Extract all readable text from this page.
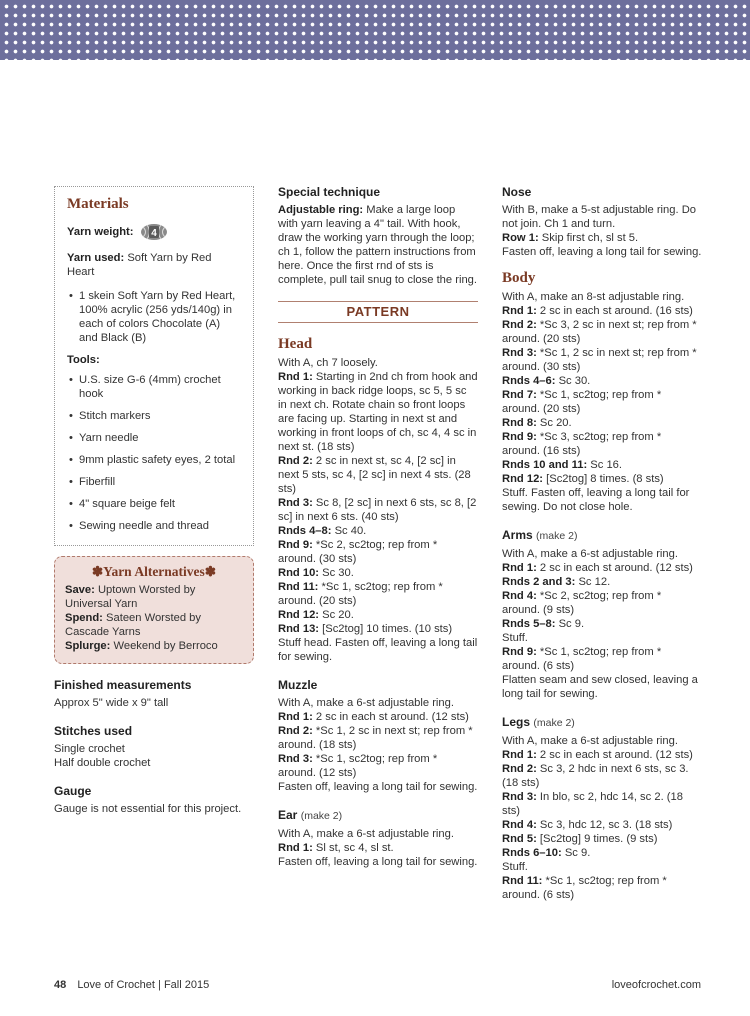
Materials
Yarn weight: 4
Yarn used: Soft Yarn by Red Heart
• 1 skein Soft Yarn by Red Heart, 100% acrylic (256 yds/140g) in each of colors Chocolate (A) and Black (B)
Tools:
• U.S. size G-6 (4mm) crochet hook
• Stitch markers
• Yarn needle
• 9mm plastic safety eyes, 2 total
• Fiberfill
• 4" square beige felt
• Sewing needle and thread
✽Yarn Alternatives✽
Save: Uptown Worsted by Universal Yarn
Spend: Sateen Worsted by Cascade Yarns
Splurge: Weekend by Berroco
Finished measurements
Approx 5" wide x 9" tall
Stitches used
Single crochet
Half double crochet
Gauge
Gauge is not essential for this project.
Special technique
Adjustable ring: Make a large loop with yarn leaving a 4" tail. With hook, draw the working yarn through the loop; ch 1, follow the pattern instructions from here. Once the first rnd of sts is complete, pull tail snug to close the ring.
PATTERN
Head
With A, ch 7 loosely.
Rnd 1: Starting in 2nd ch from hook and working in back ridge loops, sc 5, 5 sc in next ch. Rotate chain so front loops are facing up. Starting in next st and working in front loops of ch, sc 4, 4 sc in next st. (18 sts)
Rnd 2: 2 sc in next st, sc 4, [2 sc] in next 5 sts, sc 4, [2 sc] in next 4 sts. (28 sts)
Rnd 3: Sc 8, [2 sc] in next 6 sts, sc 8, [2 sc] in next 6 sts. (40 sts)
Rnds 4–8: Sc 40.
Rnd 9: *Sc 2, sc2tog; rep from * around. (30 sts)
Rnd 10: Sc 30.
Rnd 11: *Sc 1, sc2tog; rep from * around. (20 sts)
Rnd 12: Sc 20.
Rnd 13: [Sc2tog] 10 times. (10 sts)
Stuff head. Fasten off, leaving a long tail for sewing.
Muzzle
With A, make a 6-st adjustable ring.
Rnd 1: 2 sc in each st around. (12 sts)
Rnd 2: *Sc 1, 2 sc in next st; rep from * around. (18 sts)
Rnd 3: *Sc 1, sc2tog; rep from * around. (12 sts)
Fasten off, leaving a long tail for sewing.
Ear (make 2)
With A, make a 6-st adjustable ring.
Rnd 1: Sl st, sc 4, sl st.
Fasten off, leaving a long tail for sewing.
Nose
With B, make a 5-st adjustable ring. Do not join. Ch 1 and turn.
Row 1: Skip first ch, sl st 5.
Fasten off, leaving a long tail for sewing.
Body
With A, make an 8-st adjustable ring.
Rnd 1: 2 sc in each st around. (16 sts)
Rnd 2: *Sc 3, 2 sc in next st; rep from * around. (20 sts)
Rnd 3: *Sc 1, 2 sc in next st; rep from * around. (30 sts)
Rnds 4–6: Sc 30.
Rnd 7: *Sc 1, sc2tog; rep from * around. (20 sts)
Rnd 8: Sc 20.
Rnd 9: *Sc 3, sc2tog; rep from * around. (16 sts)
Rnds 10 and 11: Sc 16.
Rnd 12: [Sc2tog] 8 times. (8 sts)
Stuff. Fasten off, leaving a long tail for sewing. Do not close hole.
Arms (make 2)
With A, make a 6-st adjustable ring.
Rnd 1: 2 sc in each st around. (12 sts)
Rnds 2 and 3: Sc 12.
Rnd 4: *Sc 2, sc2tog; rep from * around. (9 sts)
Rnds 5–8: Sc 9.
Stuff.
Rnd 9: *Sc 1, sc2tog; rep from * around. (6 sts)
Flatten seam and sew closed, leaving a long tail for sewing.
Legs (make 2)
With A, make a 6-st adjustable ring.
Rnd 1: 2 sc in each st around. (12 sts)
Rnd 2: Sc 3, 2 hdc in next 6 sts, sc 3. (18 sts)
Rnd 3: In blo, sc 2, hdc 14, sc 2. (18 sts)
Rnd 4: Sc 3, hdc 12, sc 3. (18 sts)
Rnd 5: [Sc2tog] 9 times. (9 sts)
Rnds 6–10: Sc 9.
Stuff.
Rnd 11: *Sc 1, sc2tog; rep from * around. (6 sts)
48 Love of Crochet | Fall 2015	loveofcrochet.com
